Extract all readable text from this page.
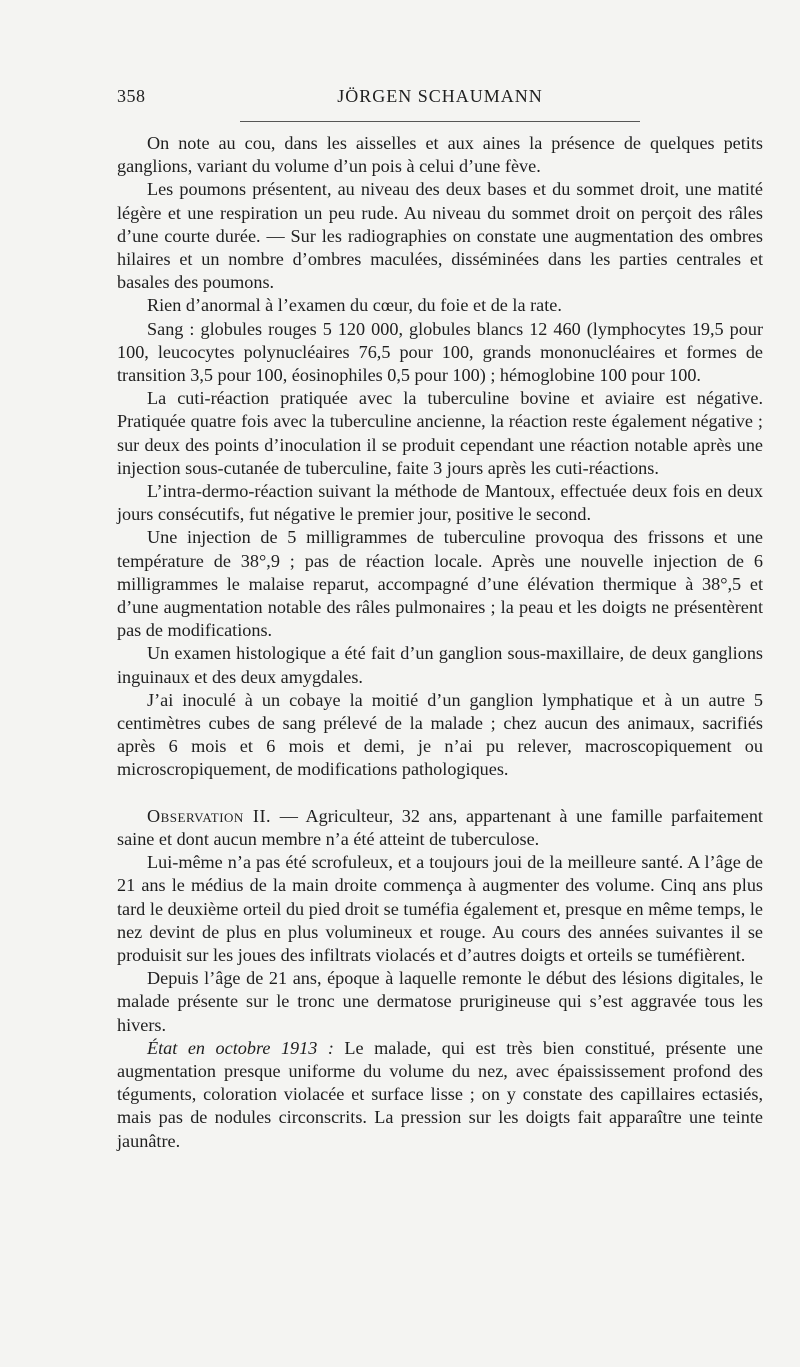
358	JÖRGEN SCHAUMANN

On note au cou, dans les aisselles et aux aines la présence de quelques petits ganglions, variant du volume d’un pois à celui d’une fève.

Les poumons présentent, au niveau des deux bases et du sommet droit, une matité légère et une respiration un peu rude. Au niveau du sommet droit on perçoit des râles d’une courte durée. — Sur les radiographies on constate une augmentation des ombres hilaires et un nombre d’ombres maculées, disséminées dans les parties centrales et basales des poumons.

Rien d’anormal à l’examen du cœur, du foie et de la rate.

Sang : globules rouges 5 120 000, globules blancs 12 460 (lymphocytes 19,5 pour 100, leucocytes polynucléaires 76,5 pour 100, grands mononucléaires et formes de transition 3,5 pour 100, éosinophiles 0,5 pour 100) ; hémoglobine 100 pour 100.

La cuti-réaction pratiquée avec la tuberculine bovine et aviaire est négative. Pratiquée quatre fois avec la tuberculine ancienne, la réaction reste également négative ; sur deux des points d’inoculation il se produit cependant une réaction notable après une injection sous-cutanée de tuberculine, faite 3 jours après les cuti-réactions.

L’intra-dermo-réaction suivant la méthode de Mantoux, effectuée deux fois en deux jours consécutifs, fut négative le premier jour, positive le second.

Une injection de 5 milligrammes de tuberculine provoqua des frissons et une température de 38°,9 ; pas de réaction locale. Après une nouvelle injection de 6 milligrammes le malaise reparut, accompagné d’une élévation thermique à 38°,5 et d’une augmentation notable des râles pulmonaires ; la peau et les doigts ne présentèrent pas de modifications.

Un examen histologique a été fait d’un ganglion sous-maxillaire, de deux ganglions inguinaux et des deux amygdales.

J’ai inoculé à un cobaye la moitié d’un ganglion lymphatique et à un autre 5 centimètres cubes de sang prélevé de la malade ; chez aucun des animaux, sacrifiés après 6 mois et 6 mois et demi, je n’ai pu relever, macroscopiquement ou microscropiquement, de modifications pathologiques.

Observation II. — Agriculteur, 32 ans, appartenant à une famille parfaitement saine et dont aucun membre n’a été atteint de tuberculose.

Lui-même n’a pas été scrofuleux, et a toujours joui de la meilleure santé. A l’âge de 21 ans le médius de la main droite commença à augmenter des volume. Cinq ans plus tard le deuxième orteil du pied droit se tuméfia également et, presque en même temps, le nez devint de plus en plus volumineux et rouge. Au cours des années suivantes il se produisit sur les joues des infiltrats violacés et d’autres doigts et orteils se tuméfièrent.

Depuis l’âge de 21 ans, époque à laquelle remonte le début des lésions digitales, le malade présente sur le tronc une dermatose prurigineuse qui s’est aggravée tous les hivers.

État en octobre 1913 : Le malade, qui est très bien constitué, présente une augmentation presque uniforme du volume du nez, avec épaississement profond des téguments, coloration violacée et surface lisse ; on y constate des capillaires ectasiés, mais pas de nodules circonscrits. La pression sur les doigts fait apparaître une teinte jaunâtre.
